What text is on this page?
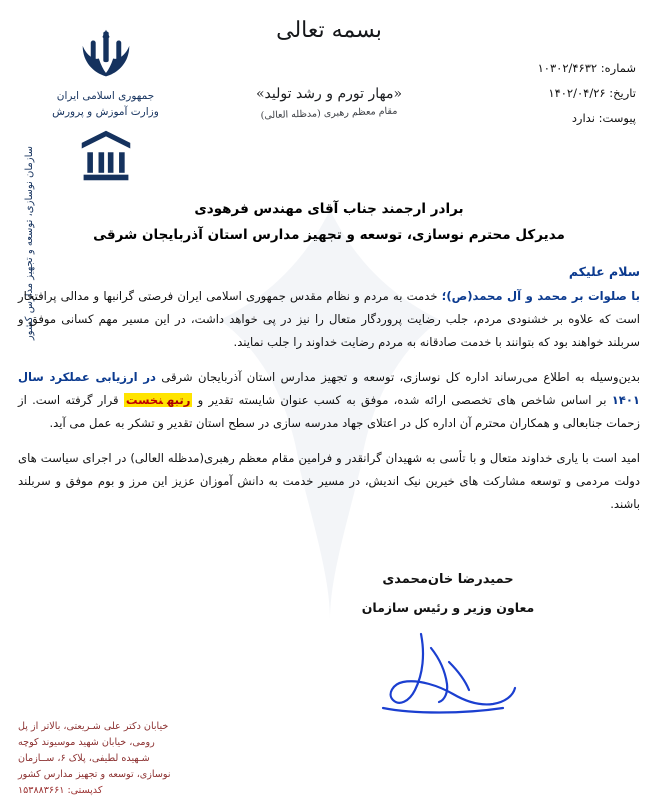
بسمه تعالی
«مهار تورم و رشد تولید»
مقام معظم رهبری (مدظله العالی)
شماره: ۱۰۳۰۲/۴۶۳۲
تاریخ: ۱۴۰۲/۰۴/۲۶
پیوست: ندارد
جمهوری اسلامی ایران
وزارت آموزش و پرورش
سازمان نوسازی، توسعه و تجهیز مدارس کشور	برادر ارجمند جناب آقای مهندس فرهودی
مدیرکل محترم نوسازی، توسعه و تجهیز مدارس استان آذربایجان شرقی
سلام علیکم

با صلوات بر محمد و آل محمد(ص)؛ خدمت به مردم و نظام مقدس جمهوری اسلامی ایران فرصتی گرانبها و مدالی پرافتخار است که علاوه بر خشنودی مردم، جلب رضایت پروردگار متعال را نیز در پی خواهد داشت، در این مسیر مهم کسانی موفق و سربلند خواهند بود که بتوانند با خدمت صادقانه به مردم رضایت خداوند را جلب نمایند.

بدین‌وسیله به اطلاع می‌رساند اداره کل نوسازی، توسعه و تجهیز مدارس استان آذربایجان شرقی در ارزیابی عملکرد سال ۱۴۰۱ بر اساس شاخص های تخصصی ارائه شده، موفق به کسب عنوان شایسته تقدیر و رتبهنخست قرار گرفته است. از زحمات جنابعالی و همکاران محترم آن اداره کل در اعتلای جهاد مدرسه سازی در سطح استان تقدیر و تشکر به عمل می آید.

امید است با یاری خداوند متعال و با تأسی به شهیدان گرانقدر و فرامین مقام معظم رهبری(مدظله العالی) در اجرای سیاست های دولت مردمی و توسعه مشارکت های خیرین نیک اندیش، در مسیر خدمت به دانش آموزان عزیز این مرز و بوم موفق و سربلند باشند.

حمیدرضا خان‌محمدی
معاون وزیر و رئیس سازمان
خیابان دکتر علی شـریعتی، بالاتر از پل
رومی، خیابان شهید موسیوند کوچه
شـهیده لطیفی، پلاک ۶، ســازمان
نوسازی، توسعه و تجهیز مدارس کشور
کدپستی: ۱۵۳۸۸۳۶۶۱
